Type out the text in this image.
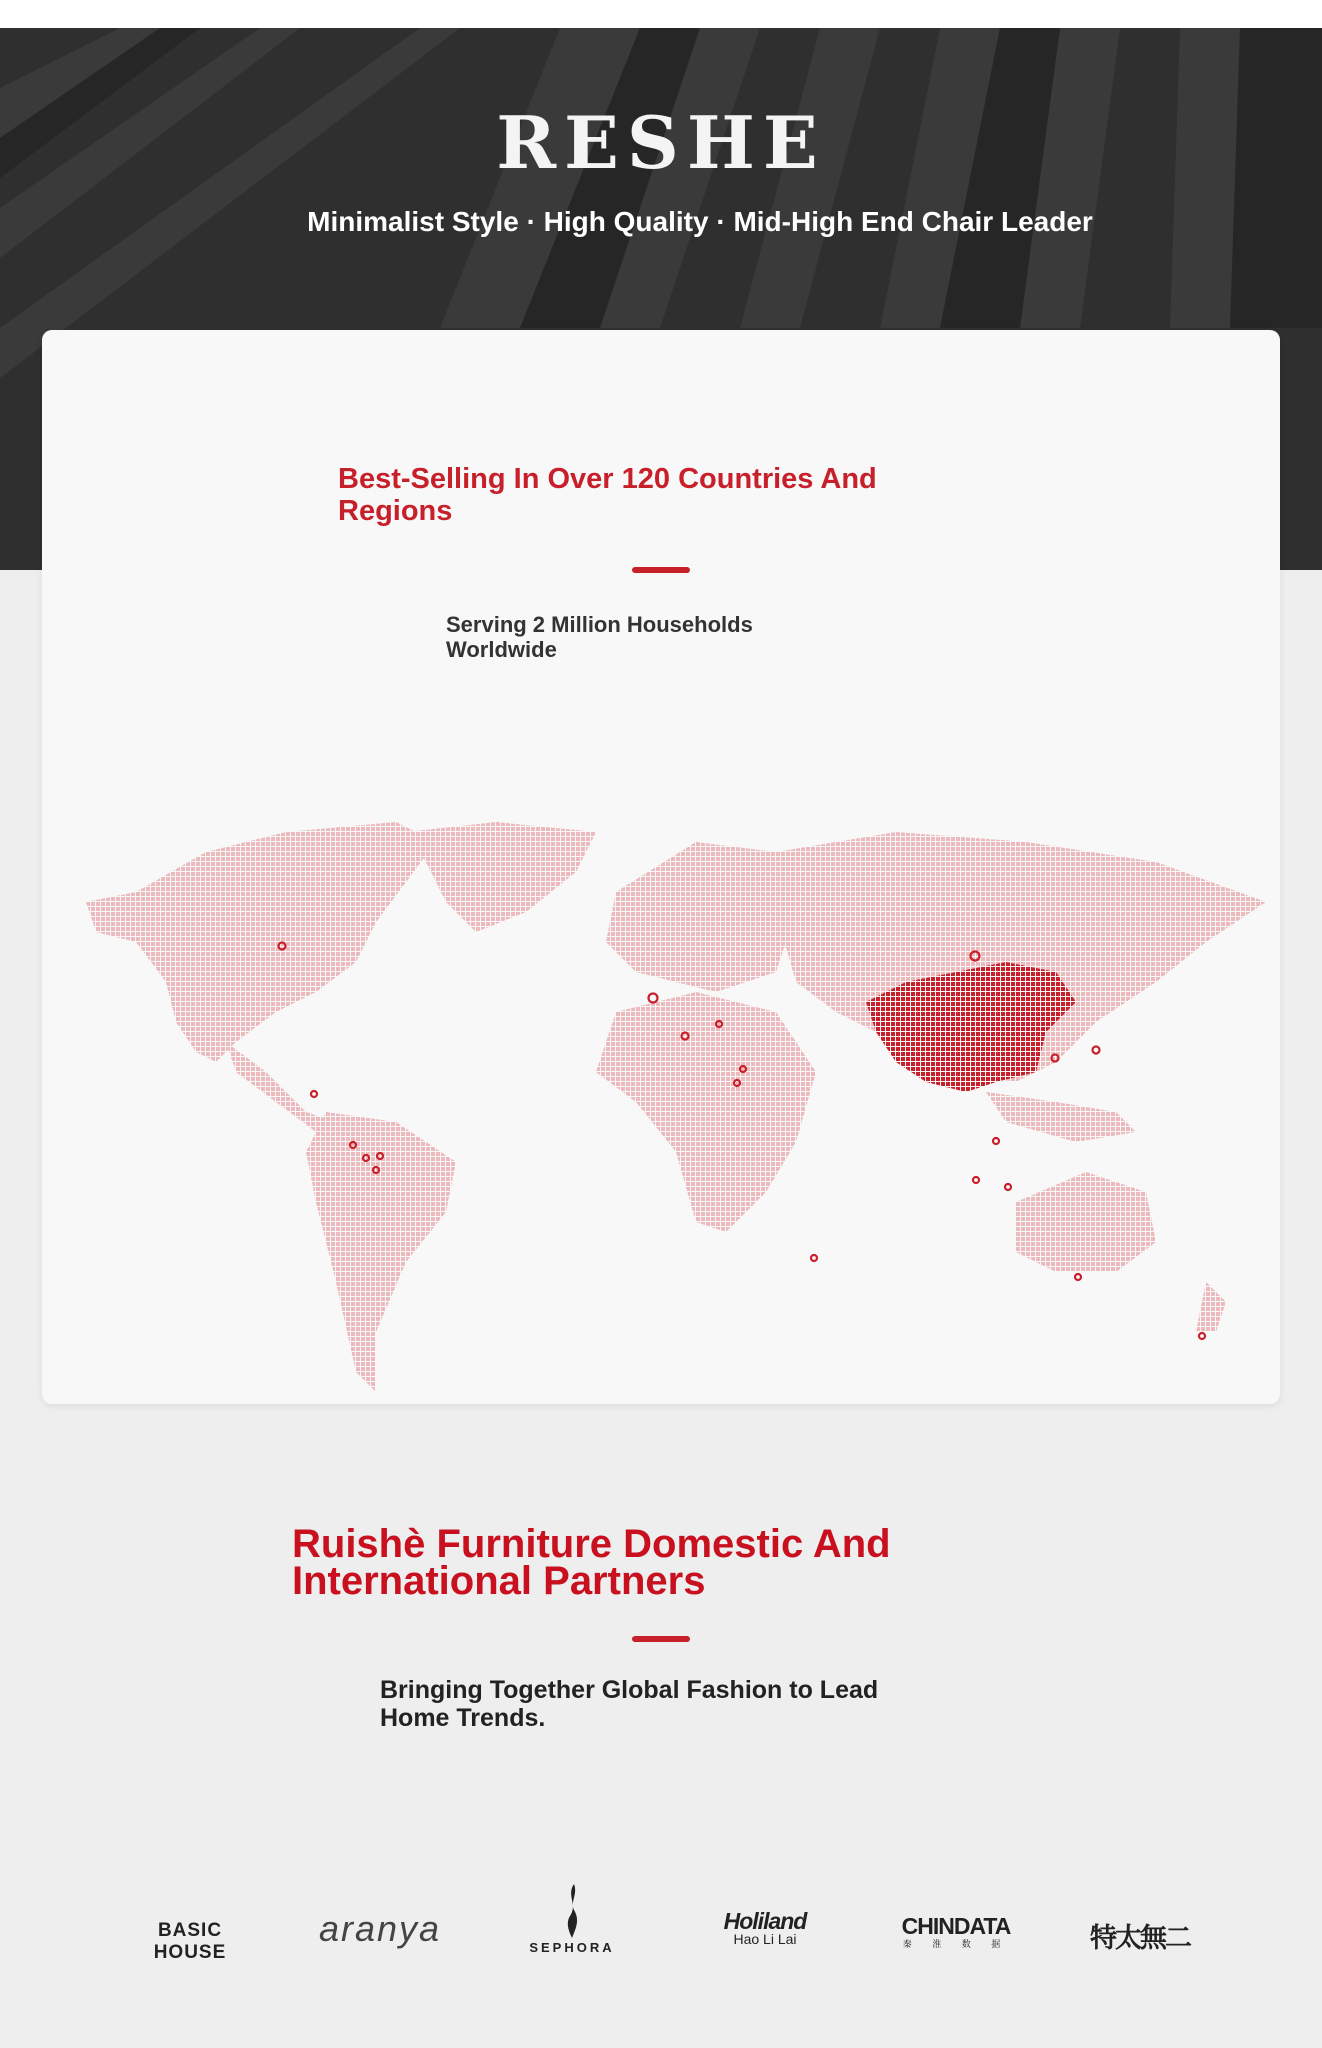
RESHE
Minimalist Style · High Quality · Mid-High End Chair Leader
Best-Selling In Over 120 Countries And Regions
Serving 2 Million Households Worldwide
Ruishè Furniture Domestic And International Partners
Bringing Together Global Fashion to Lead Home Trends.
BASIC HOUSE
aranya	SEPHORA
Holiland
Hao Li Lai	CHINDATA
秦 淮 数 据	特太無二
